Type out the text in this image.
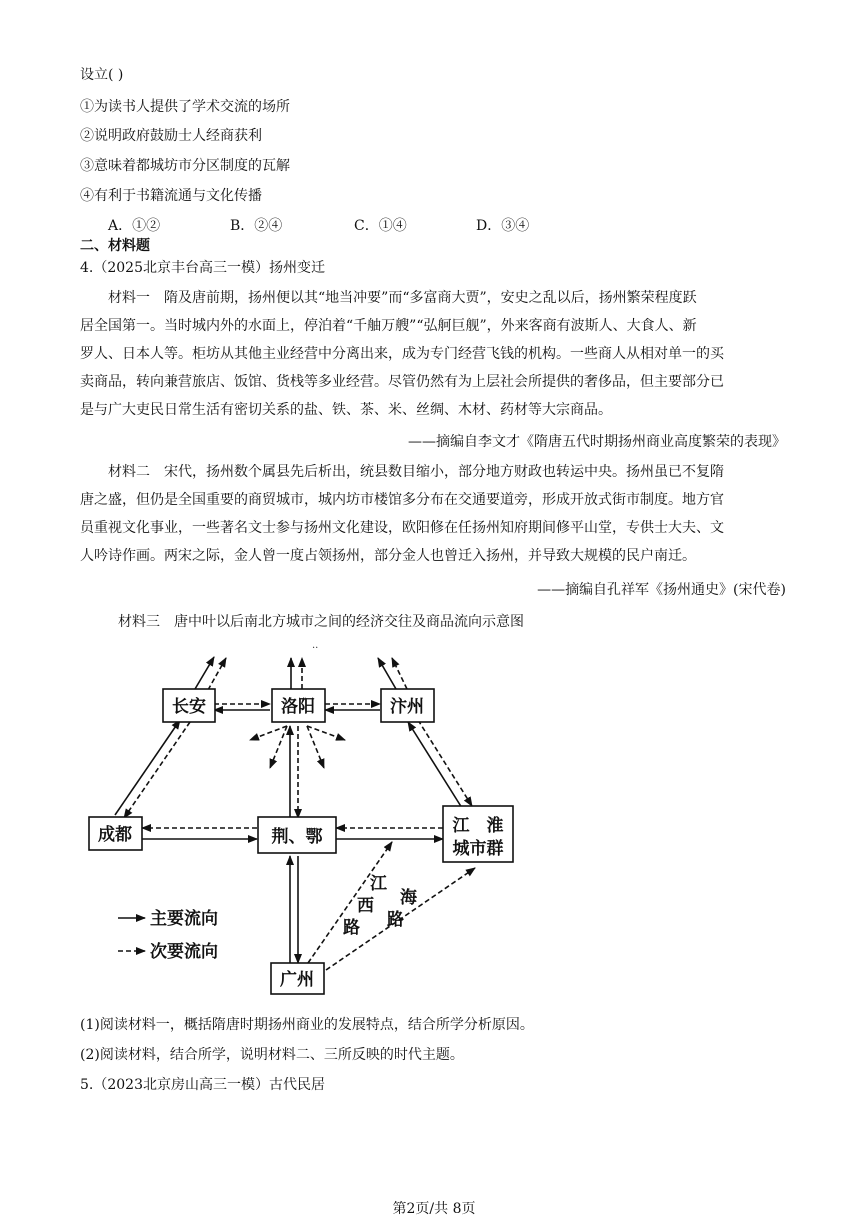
设立( )
①为读书人提供了学术交流的场所
②说明政府鼓励士人经商获利
③意味着都城坊市分区制度的瓦解
④有利于书籍流通与文化传播
A．①②	B．②④	C．①④	D．③④
二、材料题
4.（2025北京丰台高三一模）扬州变迁
材料一　隋及唐前期，扬州便以其“地当冲要”而“多富商大贾”，安史之乱以后，扬州繁荣程度跃
居全国第一。当时城内外的水面上，停泊着“千舳万艘”“弘舸巨舰”，外来客商有波斯人、大食人、新
罗人、日本人等。柜坊从其他主业经营中分离出来，成为专门经营飞钱的机构。一些商人从相对单一的买
卖商品，转向兼营旅店、饭馆、货栈等多业经营。尽管仍然有为上层社会所提供的奢侈品，但主要部分已
是与广大吏民日常生活有密切关系的盐、铁、茶、米、丝绸、木材、药材等大宗商品。
——摘编自李文才《隋唐五代时期扬州商业高度繁荣的表现》
材料二　宋代，扬州数个属县先后析出，统县数目缩小，部分地方财政也转运中央。扬州虽已不复隋
唐之盛，但仍是全国重要的商贸城市，城内坊市楼馆多分布在交通要道旁，形成开放式街市制度。地方官
员重视文化事业，一些著名文士参与扬州文化建设，欧阳修在任扬州知府期间修平山堂，专供士大夫、文
人吟诗作画。两宋之际，金人曾一度占领扬州，部分金人也曾迁入扬州，并导致大规模的民户南迁。
——摘编自孔祥军《扬州通史》(宋代卷)
材料三　唐中叶以后南北方城市之间的经济交往及商品流向示意图
..
长安	洛阳	汴州
成都	荆、鄂
江　淮
城市群
广州
江
西
路
海
路
主要流向
次要流向
(1)阅读材料一，概括隋唐时期扬州商业的发展特点，结合所学分析原因。
(2)阅读材料，结合所学，说明材料二、三所反映的时代主题。
5.（2023北京房山高三一模）古代民居
第2页/共 8页
